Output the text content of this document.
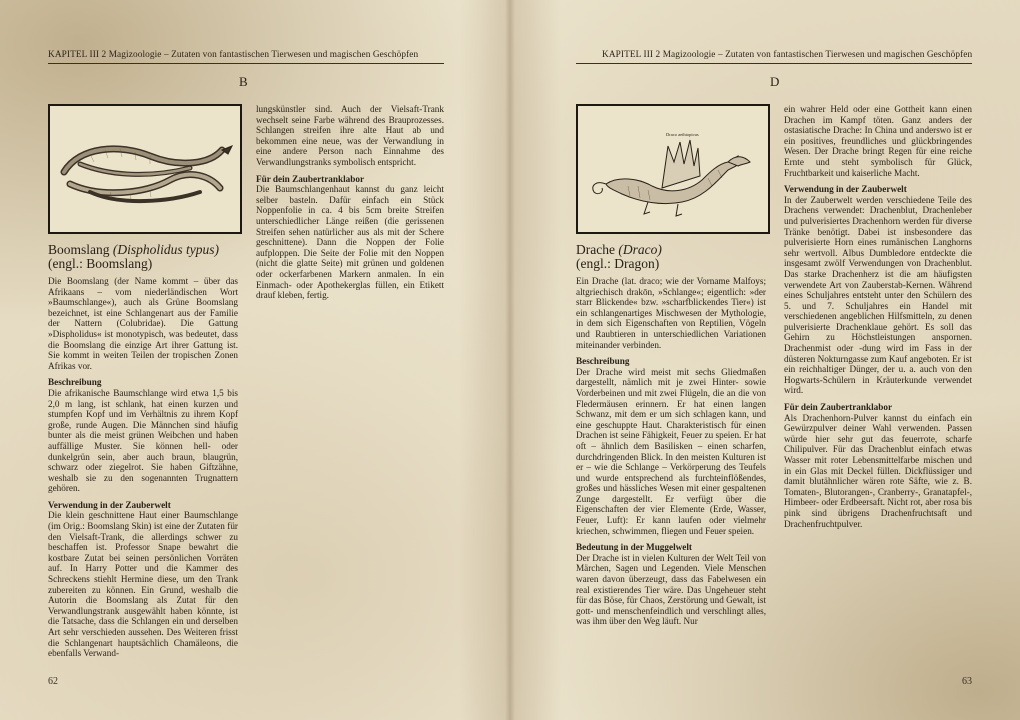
KAPITEL III 2 Magizoologie – Zutaten von fantastischen Tierwesen und magischen Geschöpfen
B
Boomslang (Dispholidus typus)
(engl.: Boomslang)

Die Boomslang (der Name kommt – über das Afrikaans – vom niederländischen Wort »Baumschlange«), auch als Grüne Boomslang bezeichnet, ist eine Schlangenart aus der Familie der Nattern (Colubridae). Die Gattung »Dispholidus« ist monotypisch, was bedeutet, dass die Boomslang die einzige Art ihrer Gattung ist. Sie kommt in weiten Teilen der tropischen Zonen Afrikas vor.

Beschreibung

Die afrikanische Baumschlange wird etwa 1,5 bis 2,0 m lang, ist schlank, hat einen kurzen und stumpfen Kopf und im Verhältnis zu ihrem Kopf große, runde Augen. Die Männchen sind häufig bunter als die meist grünen Weibchen und haben auffällige Muster. Sie können hell- oder dunkelgrün sein, aber auch braun, blaugrün, schwarz oder ziegelrot. Sie haben Giftzähne, weshalb sie zu den sogenannten Trugnattern gehören.

Verwendung in der Zauberwelt

Die klein geschnittene Haut einer Baumschlange (im Orig.: Boomslang Skin) ist eine der Zutaten für den Vielsaft-Trank, die allerdings schwer zu beschaffen ist. Professor Snape bewahrt die kostbare Zutat bei seinen persönlichen Vorräten auf. In Harry Potter und die Kammer des Schreckens stiehlt Hermine diese, um den Trank zubereiten zu können. Ein Grund, weshalb die Autorin die Boomslang als Zutat für den Verwandlungstrank ausgewählt haben könnte, ist die Tatsache, dass die Schlangen ein und derselben Art sehr verschieden aussehen. Des Weiteren frisst die Schlangenart hauptsächlich Chamäleons, die ebenfalls Verwand-

lungskünstler sind. Auch der Vielsaft-Trank wechselt seine Farbe während des Brauprozesses. Schlangen streifen ihre alte Haut ab und bekommen eine neue, was der Verwandlung in eine andere Person nach Einnahme des Verwandlungstranks symbolisch entspricht.

Für dein Zaubertranklabor

Die Baumschlangenhaut kannst du ganz leicht selber basteln. Dafür einfach ein Stück Noppenfolie in ca. 4 bis 5cm breite Streifen unterschiedlicher Länge reißen (die gerissenen Streifen sehen natürlicher aus als mit der Schere geschnittene). Dann die Noppen der Folie aufploppen. Die Seite der Folie mit den Noppen (nicht die glatte Seite) mit grünen und goldenen oder ockerfarbenen Markern anmalen. In ein Einmach- oder Apothekerglas füllen, ein Etikett drauf kleben, fertig.

62
KAPITEL III 2 Magizoologie – Zutaten von fantastischen Tierwesen und magischen Geschöpfen
D
Draco aethiopicus
Drache (Draco)
(engl.: Dragon)

Ein Drache (lat. draco; wie der Vorname Malfoys; altgriechisch drakōn, »Schlange«; eigentlich: »der starr Blickende« bzw. »scharfblickendes Tier«) ist ein schlangenartiges Mischwesen der Mythologie, in dem sich Eigenschaften von Reptilien, Vögeln und Raubtieren in unterschiedlichen Variationen miteinander verbinden.

Beschreibung

Der Drache wird meist mit sechs Gliedmaßen dargestellt, nämlich mit je zwei Hinter- sowie Vorderbeinen und mit zwei Flügeln, die an die von Fledermäusen erinnern. Er hat einen langen Schwanz, mit dem er um sich schlagen kann, und eine geschuppte Haut. Charakteristisch für einen Drachen ist seine Fähigkeit, Feuer zu speien. Er hat oft – ähnlich dem Basilisken – einen scharfen, durchdringenden Blick. In den meisten Kulturen ist er – wie die Schlange – Verkörperung des Teufels und wurde entsprechend als furchteinflößendes, großes und hässliches Wesen mit einer gespaltenen Zunge dargestellt. Er verfügt über die Eigenschaften der vier Elemente (Erde, Wasser, Feuer, Luft): Er kann laufen oder vielmehr kriechen, schwimmen, fliegen und Feuer speien.

Bedeutung in der Muggelwelt

Der Drache ist in vielen Kulturen der Welt Teil von Märchen, Sagen und Legenden. Viele Menschen waren davon überzeugt, dass das Fabelwesen ein real existierendes Tier wäre. Das Ungeheuer steht für das Böse, für Chaos, Zerstörung und Gewalt, ist gott- und menschenfeindlich und verschlingt alles, was ihm über den Weg läuft. Nur

ein wahrer Held oder eine Gottheit kann einen Drachen im Kampf töten. Ganz anders der ostasiatische Drache: In China und anderswo ist er ein positives, freundliches und glückbringendes Wesen. Der Drache bringt Regen für eine reiche Ernte und steht symbolisch für Glück, Fruchtbarkeit und kaiserliche Macht.

Verwendung in der Zauberwelt

In der Zauberwelt werden verschiedene Teile des Drachens verwendet: Drachenblut, Drachenleber und pulverisiertes Drachenhorn werden für diverse Tränke benötigt. Dabei ist insbesondere das pulverisierte Horn eines rumänischen Langhorns sehr wertvoll. Albus Dumbledore entdeckte die insgesamt zwölf Verwendungen von Drachenblut. Das starke Drachenherz ist die am häufigsten verwendete Art von Zauberstab-Kernen. Während eines Schuljahres entsteht unter den Schülern des 5. und 7. Schuljahres ein Handel mit verschiedenen angeblichen Hilfsmitteln, zu denen pulverisierte Drachenklaue gehört. Es soll das Gehirn zu Höchstleistungen anspornen. Drachenmist oder -dung wird im Fass in der düsteren Nokturngasse zum Kauf angeboten. Er ist ein reichhaltiger Dünger, der u. a. auch von den Hogwarts-Schülern in Kräuterkunde verwendet wird.

Für dein Zaubertranklabor

Als Drachenhorn-Pulver kannst du einfach ein Gewürzpulver deiner Wahl verwenden. Passen würde hier sehr gut das feuerrote, scharfe Chilipulver. Für das Drachenblut einfach etwas Wasser mit roter Lebensmittelfarbe mischen und in ein Glas mit Deckel füllen. Dickflüssiger und damit blutähnlicher wären rote Säfte, wie z. B. Tomaten-, Blutorangen-, Cranberry-, Granatapfel-, Himbeer- oder Erdbeersaft. Nicht rot, aber rosa bis pink sind übrigens Drachenfruchtsaft und Drachenfruchtpulver.

63
